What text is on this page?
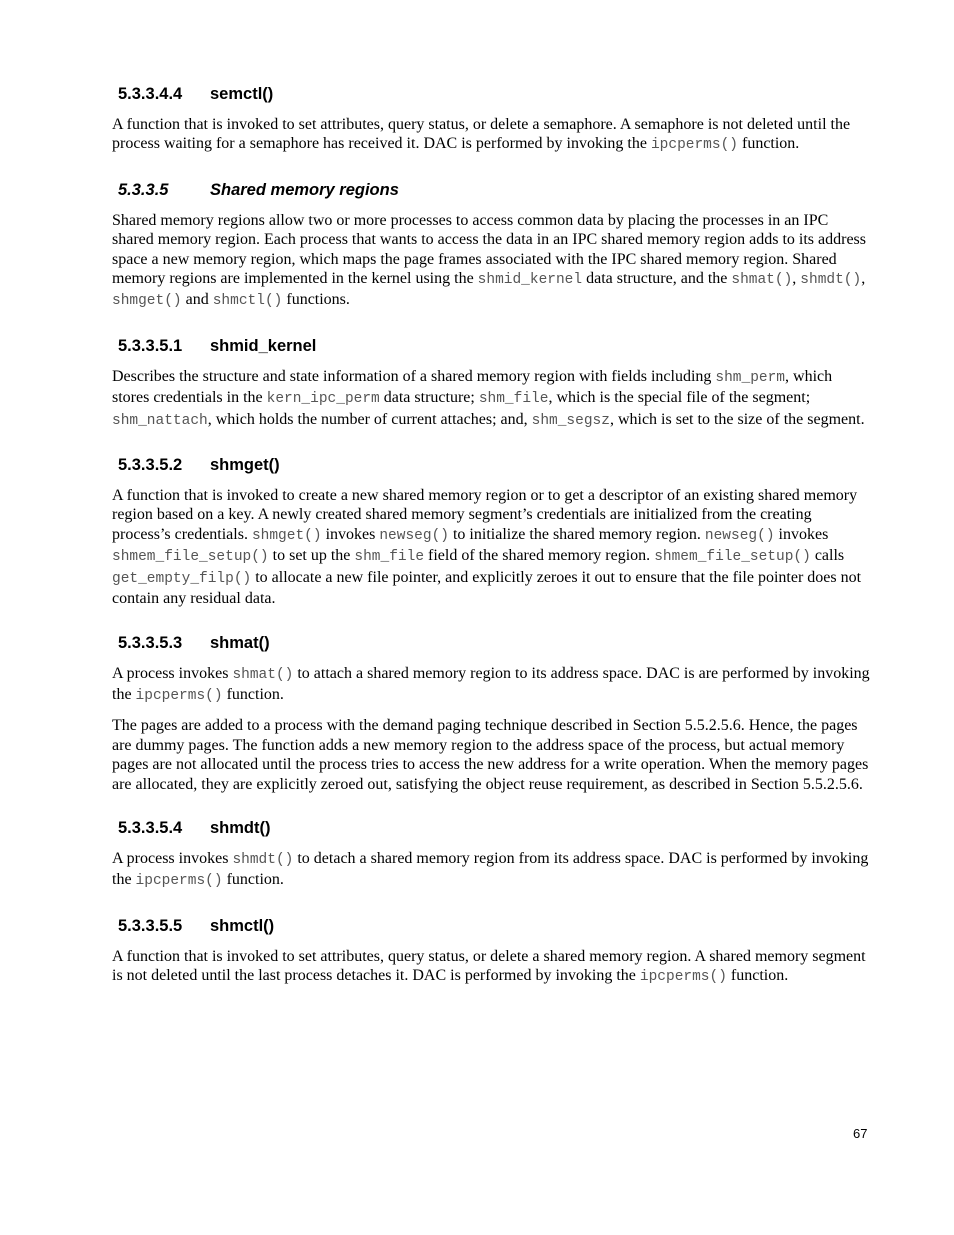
5.3.3.4.4 semctl()
A function that is invoked to set attributes, query status, or delete a semaphore. A semaphore is not deleted until the process waiting for a semaphore has received it. DAC is performed by invoking the ipcperms() function.
5.3.3.5	Shared memory regions
Shared memory regions allow two or more processes to access common data by placing the processes in an IPC shared memory region. Each process that wants to access the data in an IPC shared memory region adds to its address space a new memory region, which maps the page frames associated with the IPC shared memory region. Shared memory regions are implemented in the kernel using the shmid_kernel data structure, and the shmat(), shmdt(), shmget() and shmctl() functions.
5.3.3.5.1 shmid_kernel
Describes the structure and state information of a shared memory region with fields including shm_perm, which stores credentials in the kern_ipc_perm data structure; shm_file, which is the special file of the segment; shm_nattach, which holds the number of current attaches; and, shm_segsz, which is set to the size of the segment.
5.3.3.5.2 shmget()
A function that is invoked to create a new shared memory region or to get a descriptor of an existing shared memory region based on a key. A newly created shared memory segment’s credentials are initialized from the creating process’s credentials. shmget() invokes newseg() to initialize the shared memory region. newseg() invokes shmem_file_setup() to set up the shm_file field of the shared memory region. shmem_file_setup() calls get_empty_filp() to allocate a new file pointer, and explicitly zeroes it out to ensure that the file pointer does not contain any residual data.
5.3.3.5.3 shmat()
A process invokes shmat() to attach a shared memory region to its address space. DAC is are performed by invoking the ipcperms() function.
The pages are added to a process with the demand paging technique described in Section 5.5.2.5.6. Hence, the pages are dummy pages. The function adds a new memory region to the address space of the process, but actual memory pages are not allocated until the process tries to access the new address for a write operation. When the memory pages are allocated, they are explicitly zeroed out, satisfying the object reuse requirement, as described in Section 5.5.2.5.6.
5.3.3.5.4 shmdt()
A process invokes shmdt() to detach a shared memory region from its address space. DAC is performed by invoking the ipcperms() function.
5.3.3.5.5 shmctl()
A function that is invoked to set attributes, query status, or delete a shared memory region. A shared memory segment is not deleted until the last process detaches it. DAC is performed by invoking the ipcperms() function.
67
